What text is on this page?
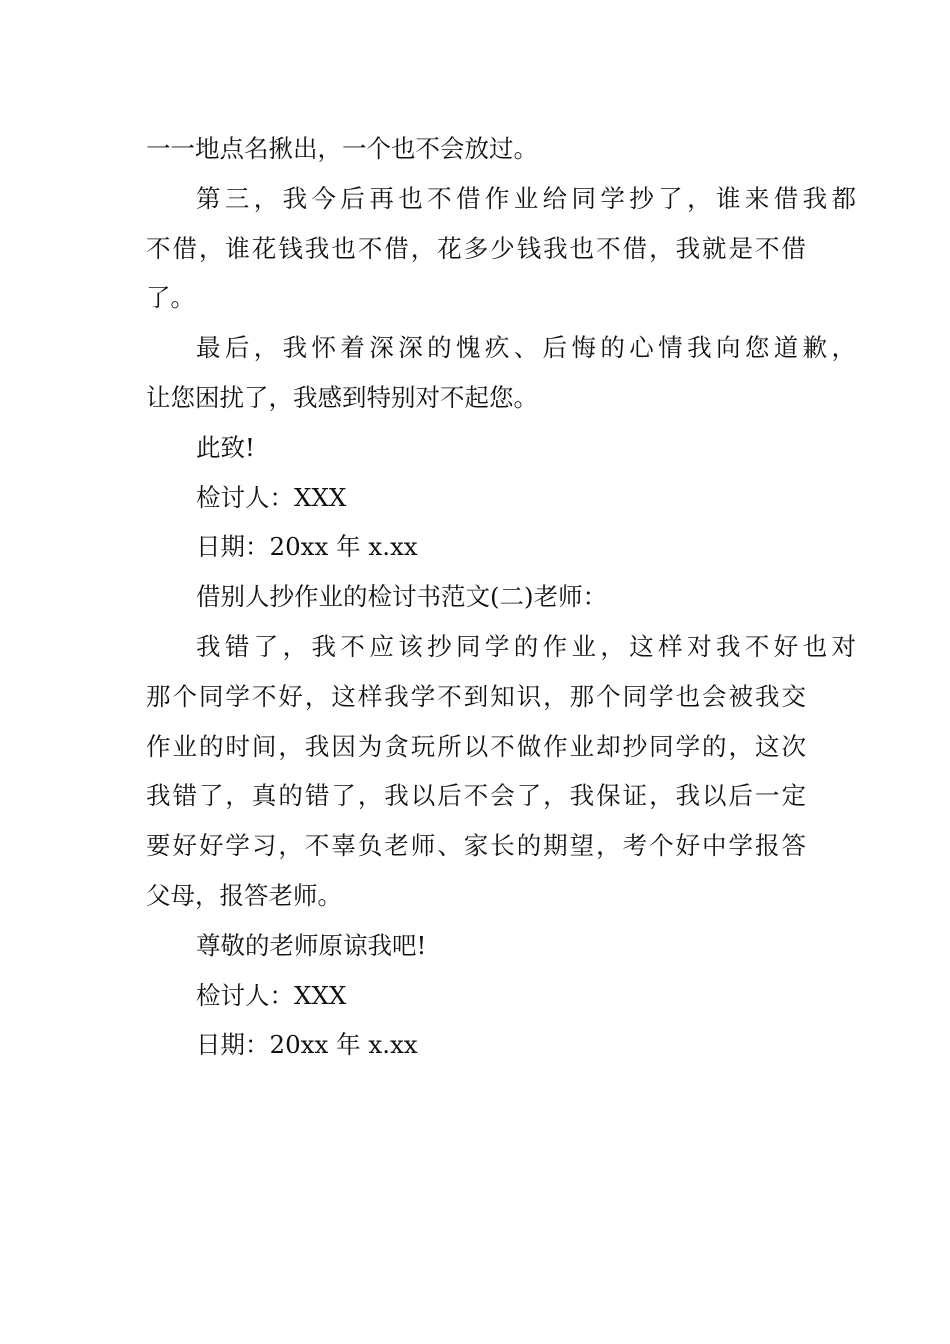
一一地点名揪出，一个也不会放过。
第三，我今后再也不借作业给同学抄了，谁来借我都
不借，谁花钱我也不借，花多少钱我也不借，我就是不借
了。
最后，我怀着深深的愧疚、后悔的心情我向您道歉，
让您困扰了，我感到特别对不起您。
此致!
检讨人：XXX
日期：20xx 年 x.xx
借别人抄作业的检讨书范文(二)老师：
我错了，我不应该抄同学的作业，这样对我不好也对
那个同学不好，这样我学不到知识，那个同学也会被我交
作业的时间，我因为贪玩所以不做作业却抄同学的，这次
我错了，真的错了，我以后不会了，我保证，我以后一定
要好好学习，不辜负老师、家长的期望，考个好中学报答
父母，报答老师。
尊敬的老师原谅我吧!
检讨人：XXX
日期：20xx 年 x.xx
